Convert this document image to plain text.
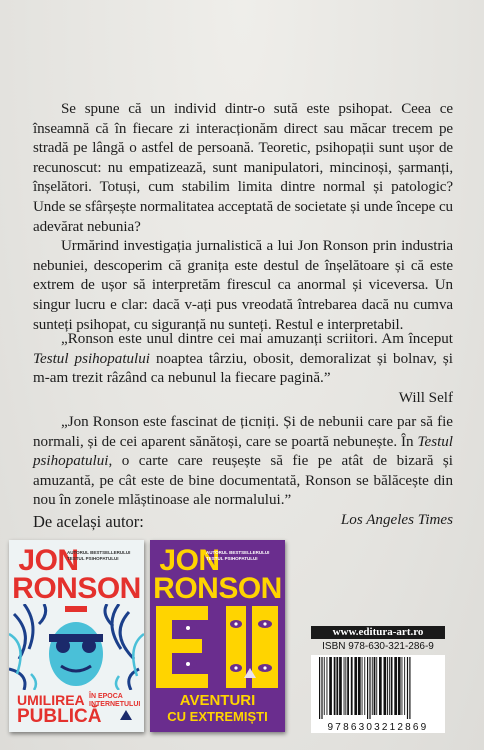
Se spune că un individ dintr-o sută este psihopat. Ceea ce înseamnă că în fiecare zi interacționăm direct sau măcar trecem pe stradă pe lângă o astfel de persoană. Teoretic, psihopații sunt ușor de recunoscut: nu empatizează, sunt manipulatori, mincinoși, șarmanți, înșelători. Totuși, cum stabilim limita dintre normal și patologic? Unde se sfârșește normalitatea acceptată de societate și unde începe cu adevărat nebunia?

Urmărind investigația jurnalistică a lui Jon Ronson prin industria nebuniei, descoperim că granița este destul de înșelătoare și că este extrem de ușor să interpretăm firescul ca anormal și viceversa. Un singur lucru e clar: dacă v-ați pus vreodată întrebarea dacă nu cumva sunteți psihopat, cu siguranță nu sunteți. Restul e interpretabil.

„Ronson este unul dintre cei mai amuzanți scriitori. Am început Testul psihopatului noaptea târziu, obosit, demoralizat și bolnav, și m-am trezit râzând ca nebunul la fiecare pagină.”

Will Self

„Jon Ronson este fascinat de țicniți. Și de nebunii care par să fie normali, și de cei aparent sănătoși, care se poartă nebunește. În Testul psihopatului, o carte care reușește să fie pe atât de bizară și amuzantă, pe cât este de bine documentată, Ronson se bălăcește din nou în zonele mlăștinoase ale normalului.”

Los Angeles Times
De același autor:
JON
RONSON
AUTORUL BESTSELLERULUI TESTUL PSIHOPATULUI
UMILIREA ÎN EPOCA INTERNETULUI
PUBLICĂ
JON
RONSON
AUTORUL BESTSELLERULUI TESTUL PSIHOPATULUI
AVENTURI
CU EXTREMIȘTI
www.editura-art.ro
ISBN 978-630-321-286-9
9786303212869
